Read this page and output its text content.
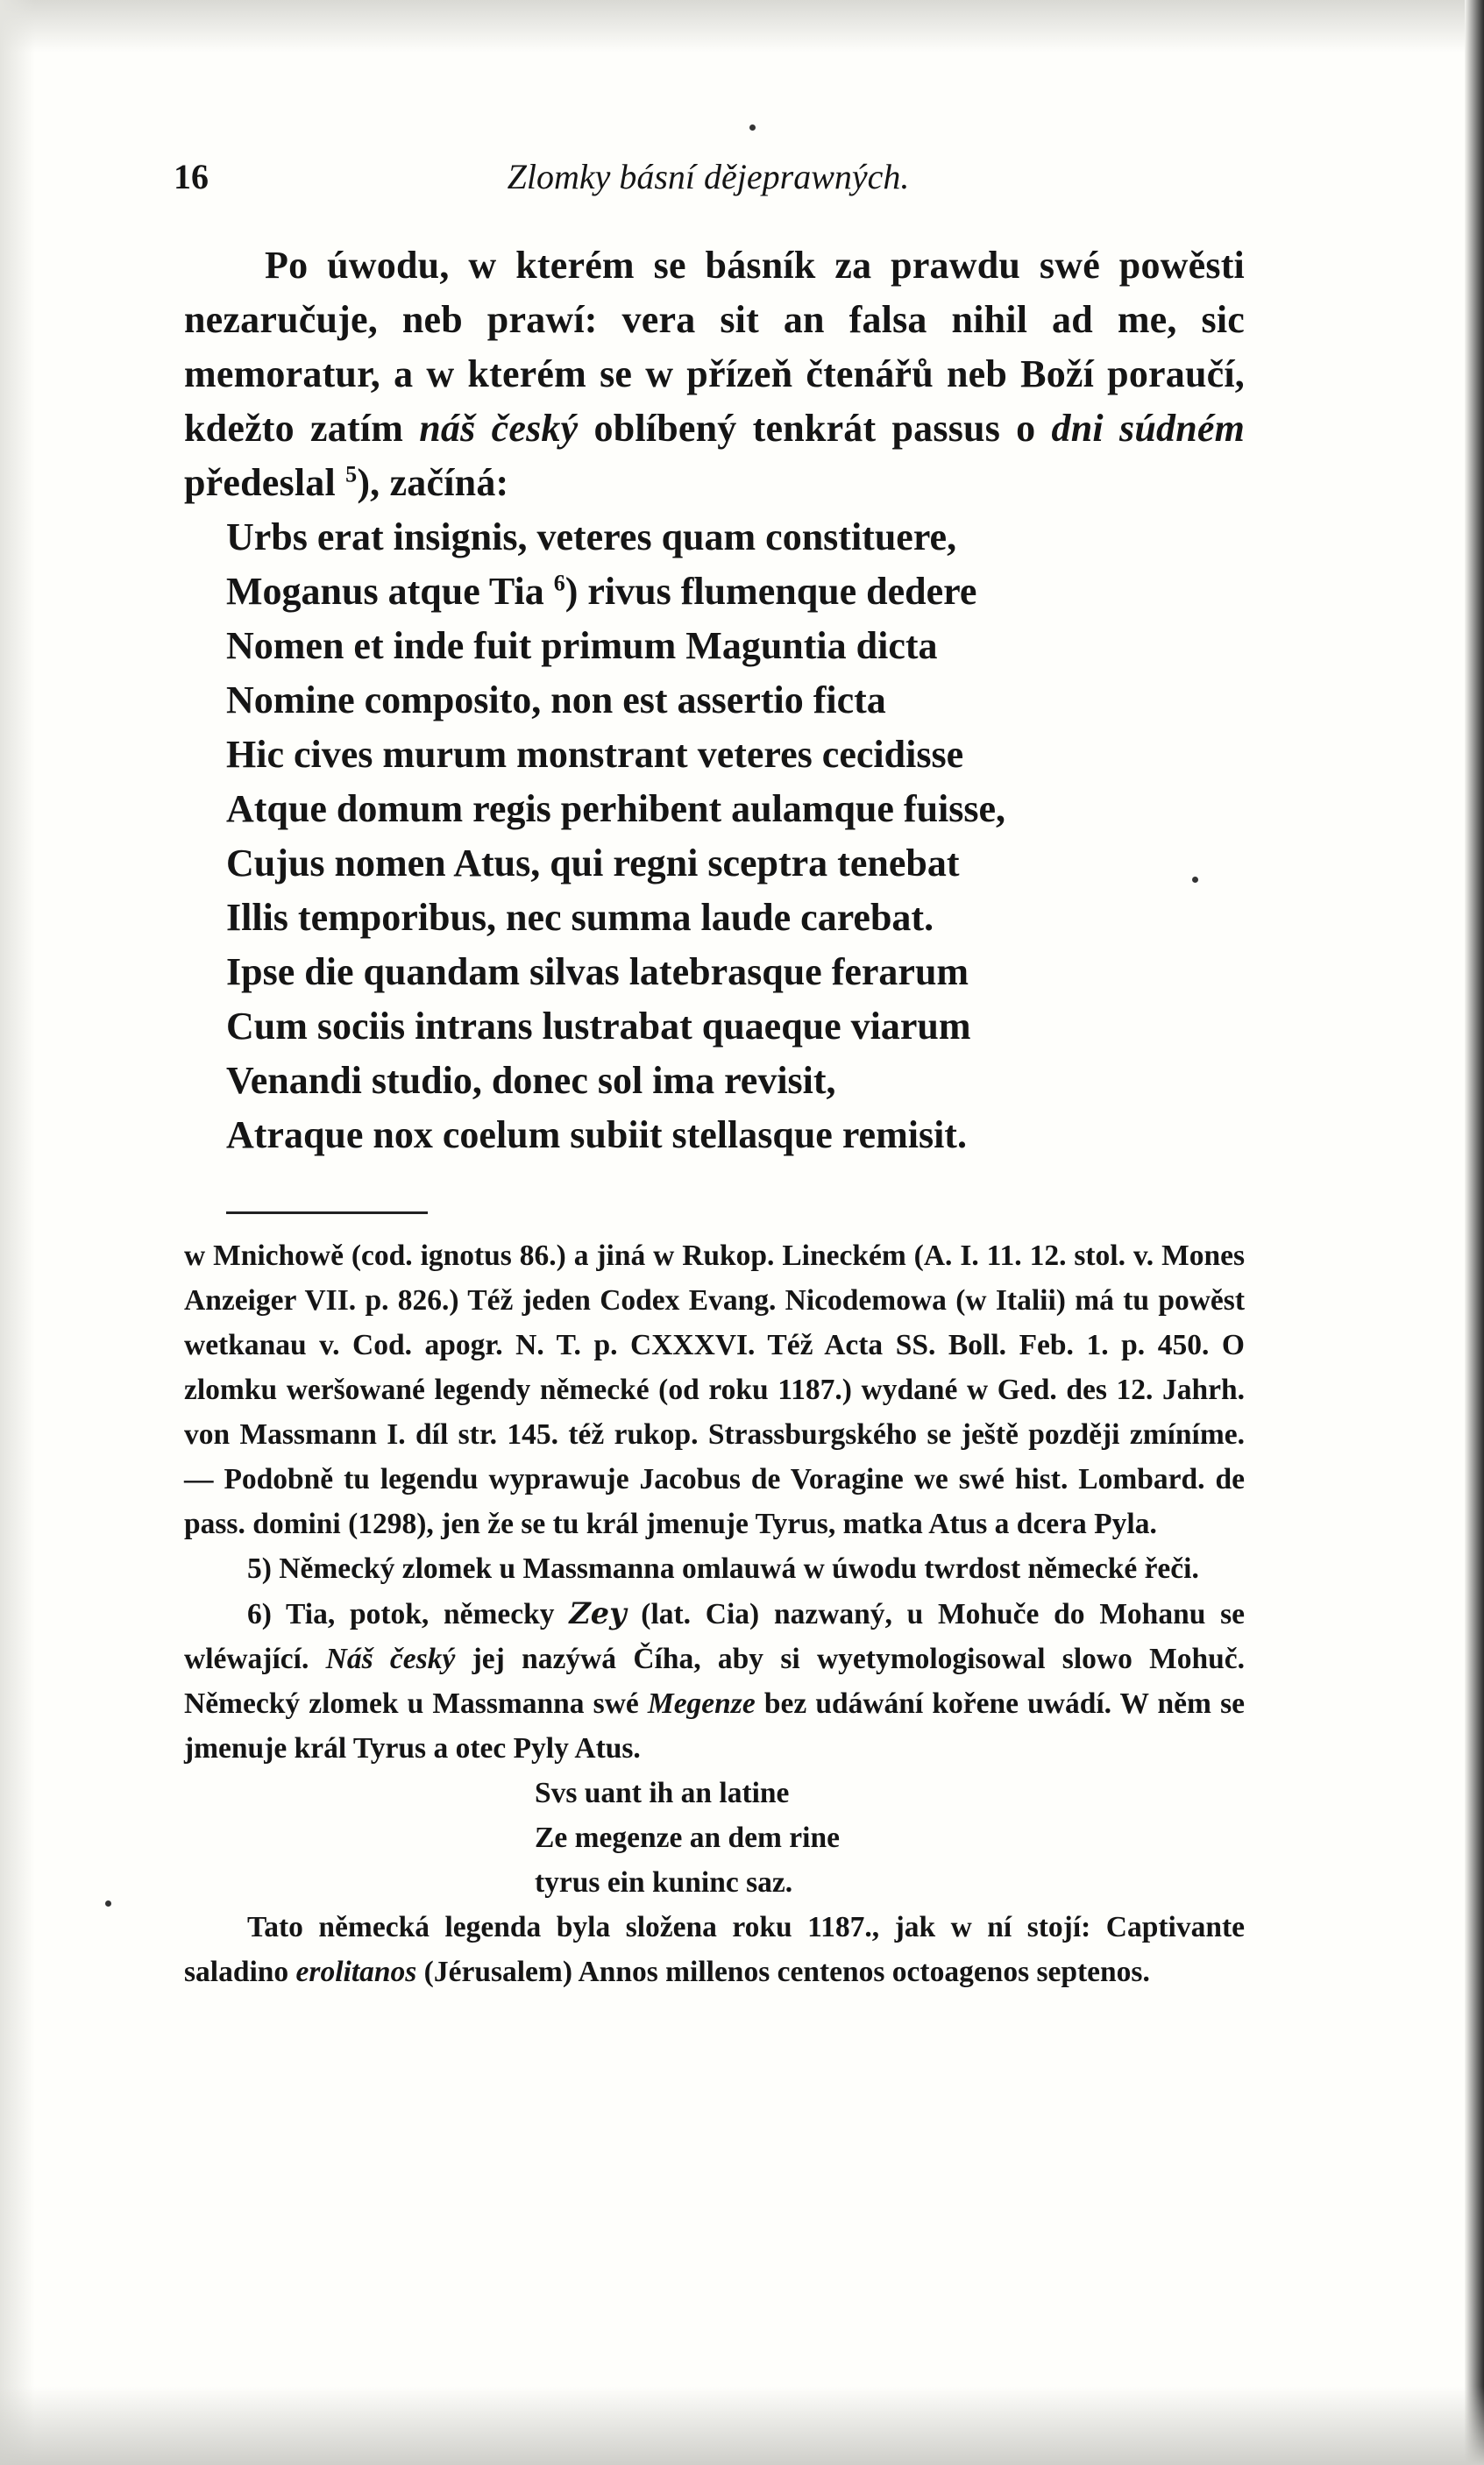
16	Zlomky básní dějeprawných.

Po úwodu, w kterém se básník za prawdu swé powěsti nezaručuje, neb prawí: vera sit an falsa nihil ad me, sic memoratur, a w kterém se w přízeň čtenářů neb Boží poraučí, kdežto zatím náš český oblíbený tenkrát passus o dni súdném předeslal $^5$), začíná:

Urbs erat insignis, veteres quam constituere,
Moganus atque Tia $^6$) rivus flumenque dedere
Nomen et inde fuit primum Maguntia dicta
Nomine composito, non est assertio ficta
Hic cives murum monstrant veteres cecidisse
Atque domum regis perhibent aulamque fuisse,
Cujus nomen Atus, qui regni sceptra tenebat
Illis temporibus, nec summa laude carebat.
Ipse die quandam silvas latebrasque ferarum
Cum sociis intrans lustrabat quaeque viarum
Venandi studio, donec sol ima revisit,
Atraque nox coelum subiit stellasque remisit.

w Mnichowě (cod. ignotus 86.) a jiná w Rukop. Lineckém (A. I. 11. 12. stol. v. Mones Anzeiger VII. p. 826.) Též jeden Codex Evang. Nicodemowa (w Italii) má tu powěst wetkanau v. Cod. apogr. N. T. p. CXXXVI. Též Acta SS. Boll. Feb. 1. p. 450. O zlomku weršowané legendy německé (od roku 1187.) wydané w Ged. des 12. Jahrh. von Massmann I. díl str. 145. též rukop. Strassburgského se ještě později zmíníme. — Podobně tu legendu wyprawuje Jacobus de Voragine we swé hist. Lombard. de pass. domini (1298), jen že se tu král jmenuje Tyrus, matka Atus a dcera Pyla.

5) Německý zlomek u Massmanna omlauwá w úwodu twrdost německé řeči.

6) Tia, potok, německy Zey (lat. Cia) nazwaný, u Mohuče do Mohanu se wléwající. Náš český jej nazýwá Číha, aby si wyetymologisowal slowo Mohuč. Německý zlomek u Massmanna swé Megenze bez udáwání kořene uwádí. W něm se jmenuje král Tyrus a otec Pyly Atus.

Svs uant ih an latine
Ze megenze an dem rine
tyrus ein kuninc saz.

Tato německá legenda byla složena roku 1187., jak w ní stojí: Captivante saladino erolitanos (Jérusalem) Annos millenos centenos octoagenos septenos.
